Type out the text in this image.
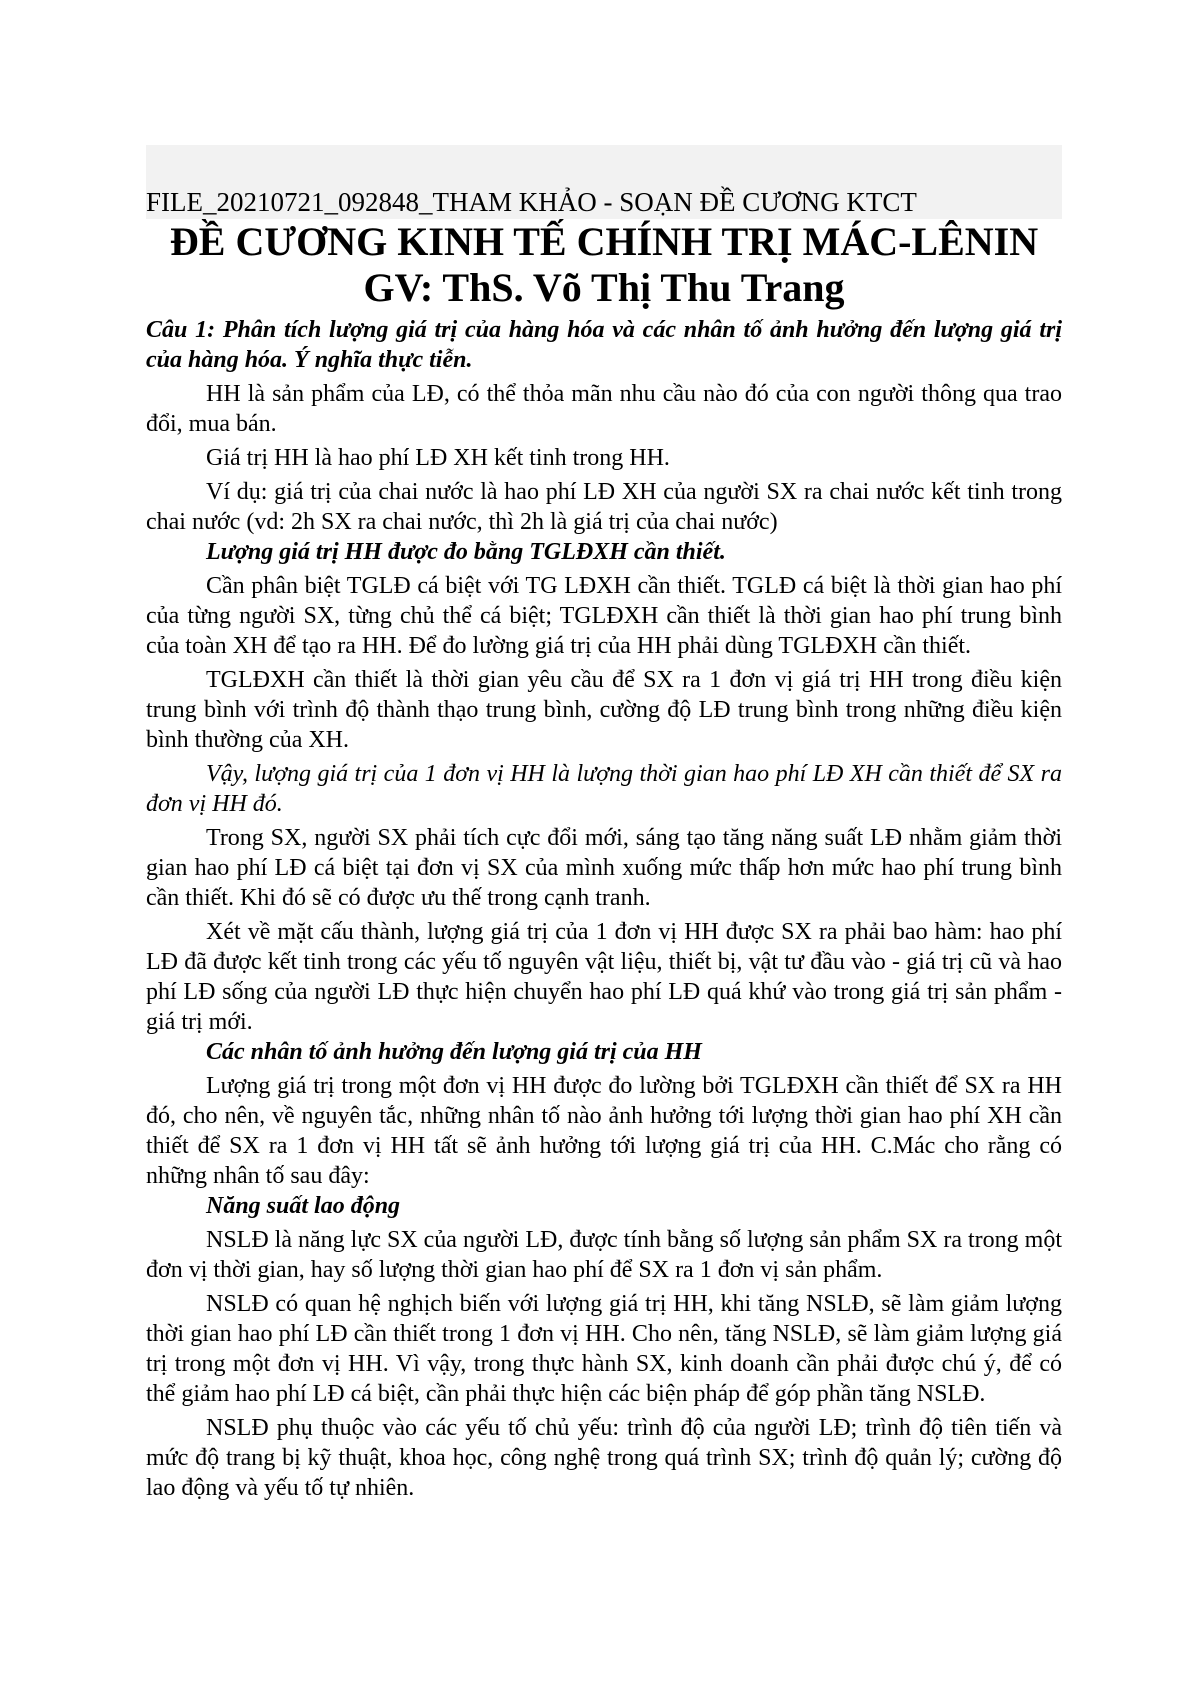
FILE_20210721_092848_THAM KHẢO - SOẠN ĐỀ CƯƠNG KTCT
ĐỀ CƯƠNG KINH TẾ CHÍNH TRỊ MÁC-LÊNIN
GV: ThS. Võ Thị Thu Trang
Câu 1: Phân tích lượng giá trị của hàng hóa và các nhân tố ảnh hưởng đến lượng giá trị của hàng hóa. Ý nghĩa thực tiễn.
HH là sản phẩm của LĐ, có thể thỏa mãn nhu cầu nào đó của con người thông qua trao đổi, mua bán.
Giá trị HH là hao phí LĐ XH kết tinh trong HH.
Ví dụ: giá trị của chai nước là hao phí LĐ XH của người SX ra chai nước kết tinh trong chai nước (vd: 2h SX ra chai nước, thì 2h là giá trị của chai nước)
Lượng giá trị HH được đo bằng TGLĐXH cần thiết.
Cần phân biệt TGLĐ cá biệt với TG LĐXH cần thiết. TGLĐ cá biệt là thời gian hao phí của từng người SX, từng chủ thể cá biệt; TGLĐXH cần thiết là thời gian hao phí trung bình của toàn XH để tạo ra HH. Để đo lường giá trị của HH phải dùng TGLĐXH cần thiết.
TGLĐXH cần thiết là thời gian yêu cầu để SX ra 1 đơn vị giá trị HH trong điều kiện trung bình với trình độ thành thạo trung bình, cường độ LĐ trung bình trong những điều kiện bình thường của XH.
Vậy, lượng giá trị của 1 đơn vị HH là lượng thời gian hao phí LĐ XH cần thiết để SX ra đơn vị HH đó.
Trong SX, người SX phải tích cực đổi mới, sáng tạo tăng năng suất LĐ nhằm giảm thời gian hao phí LĐ cá biệt tại đơn vị SX của mình xuống mức thấp hơn mức hao phí trung bình cần thiết. Khi đó sẽ có được ưu thế trong cạnh tranh.
Xét về mặt cấu thành, lượng giá trị của 1 đơn vị HH được SX ra phải bao hàm: hao phí LĐ đã được kết tinh trong các yếu tố nguyên vật liệu, thiết bị, vật tư đầu vào - giá trị cũ và hao phí LĐ sống của người LĐ thực hiện chuyển hao phí LĐ quá khứ vào trong giá trị sản phẩm - giá trị mới.
Các nhân tố ảnh hưởng đến lượng giá trị của HH
Lượng giá trị trong một đơn vị HH được đo lường bởi TGLĐXH cần thiết để SX ra HH đó, cho nên, về nguyên tắc, những nhân tố nào ảnh hưởng tới lượng thời gian hao phí XH cần thiết để SX ra 1 đơn vị HH tất sẽ ảnh hưởng tới lượng giá trị của HH. C.Mác cho rằng có những nhân tố sau đây:
Năng suất lao động
NSLĐ là năng lực SX của người LĐ, được tính bằng số lượng sản phẩm SX ra trong một đơn vị thời gian, hay số lượng thời gian hao phí để SX ra 1 đơn vị sản phẩm.
NSLĐ có quan hệ nghịch biến với lượng giá trị HH, khi tăng NSLĐ, sẽ làm giảm lượng thời gian hao phí LĐ cần thiết trong 1 đơn vị HH. Cho nên, tăng NSLĐ, sẽ làm giảm lượng giá trị trong một đơn vị HH. Vì vậy, trong thực hành SX, kinh doanh cần phải được chú ý, để có thể giảm hao phí LĐ cá biệt, cần phải thực hiện các biện pháp để góp phần tăng NSLĐ.
NSLĐ phụ thuộc vào các yếu tố chủ yếu: trình độ của người LĐ; trình độ tiên tiến và mức độ trang bị kỹ thuật, khoa học, công nghệ trong quá trình SX; trình độ quản lý; cường độ lao động và yếu tố tự nhiên.
